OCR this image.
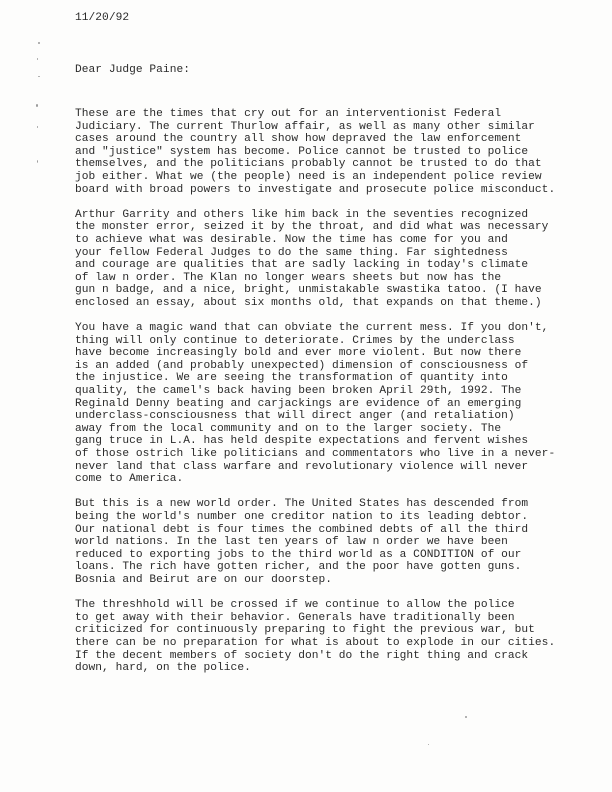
11/20/92
Dear Judge Paine:
These are the times that cry out for an interventionist Federal
Judiciary. The current Thurlow affair, as well as many other similar
cases around the country all show how depraved the law enforcement
and "justice" system has become. Police cannot be trusted to police
themselves, and the politicians probably cannot be trusted to do that
job either. What we (the people) need is an independent police review
board with broad powers to investigate and prosecute police misconduct.
Arthur Garrity and others like him back in the seventies recognized
the monster error, seized it by the throat, and did what was necessary
to achieve what was desirable. Now the time has come for you and
your fellow Federal Judges to do the same thing. Far sightedness
and courage are qualities that are sadly lacking in today's climate
of law n order. The Klan no longer wears sheets but now has the
gun n badge, and a nice, bright, unmistakable swastika tatoo. (I have
enclosed an essay, about six months old, that expands on that theme.)
You have a magic wand that can obviate the current mess. If you don't,
thing will only continue to deteriorate. Crimes by the underclass
have become increasingly bold and ever more violent. But now there
is an added (and probably unexpected) dimension of consciousness of
the injustice. We are seeing the transformation of quantity into
quality, the camel's back having been broken April 29th, 1992. The
Reginald Denny beating and carjackings are evidence of an emerging
underclass-consciousness that will direct anger (and retaliation)
away from the local community and on to the larger society. The
gang truce in L.A. has held despite expectations and fervent wishes
of those ostrich like politicians and commentators who live in a never-
never land that class warfare and revolutionary violence will never
come to America.
But this is a new world order. The United States has descended from
being the world's number one creditor nation to its leading debtor.
Our national debt is four times the combined debts of all the third
world nations. In the last ten years of law n order we have been
reduced to exporting jobs to the third world as a CONDITION of our
loans. The rich have gotten richer, and the poor have gotten guns.
Bosnia and Beirut are on our doorstep.
The threshhold will be crossed if we continue to allow the police
to get away with their behavior. Generals have traditionally been
criticized for continuously preparing to fight the previous war, but
there can be no preparation for what is about to explode in our cities.
If the decent members of society don't do the right thing and crack
down, hard, on the police.
